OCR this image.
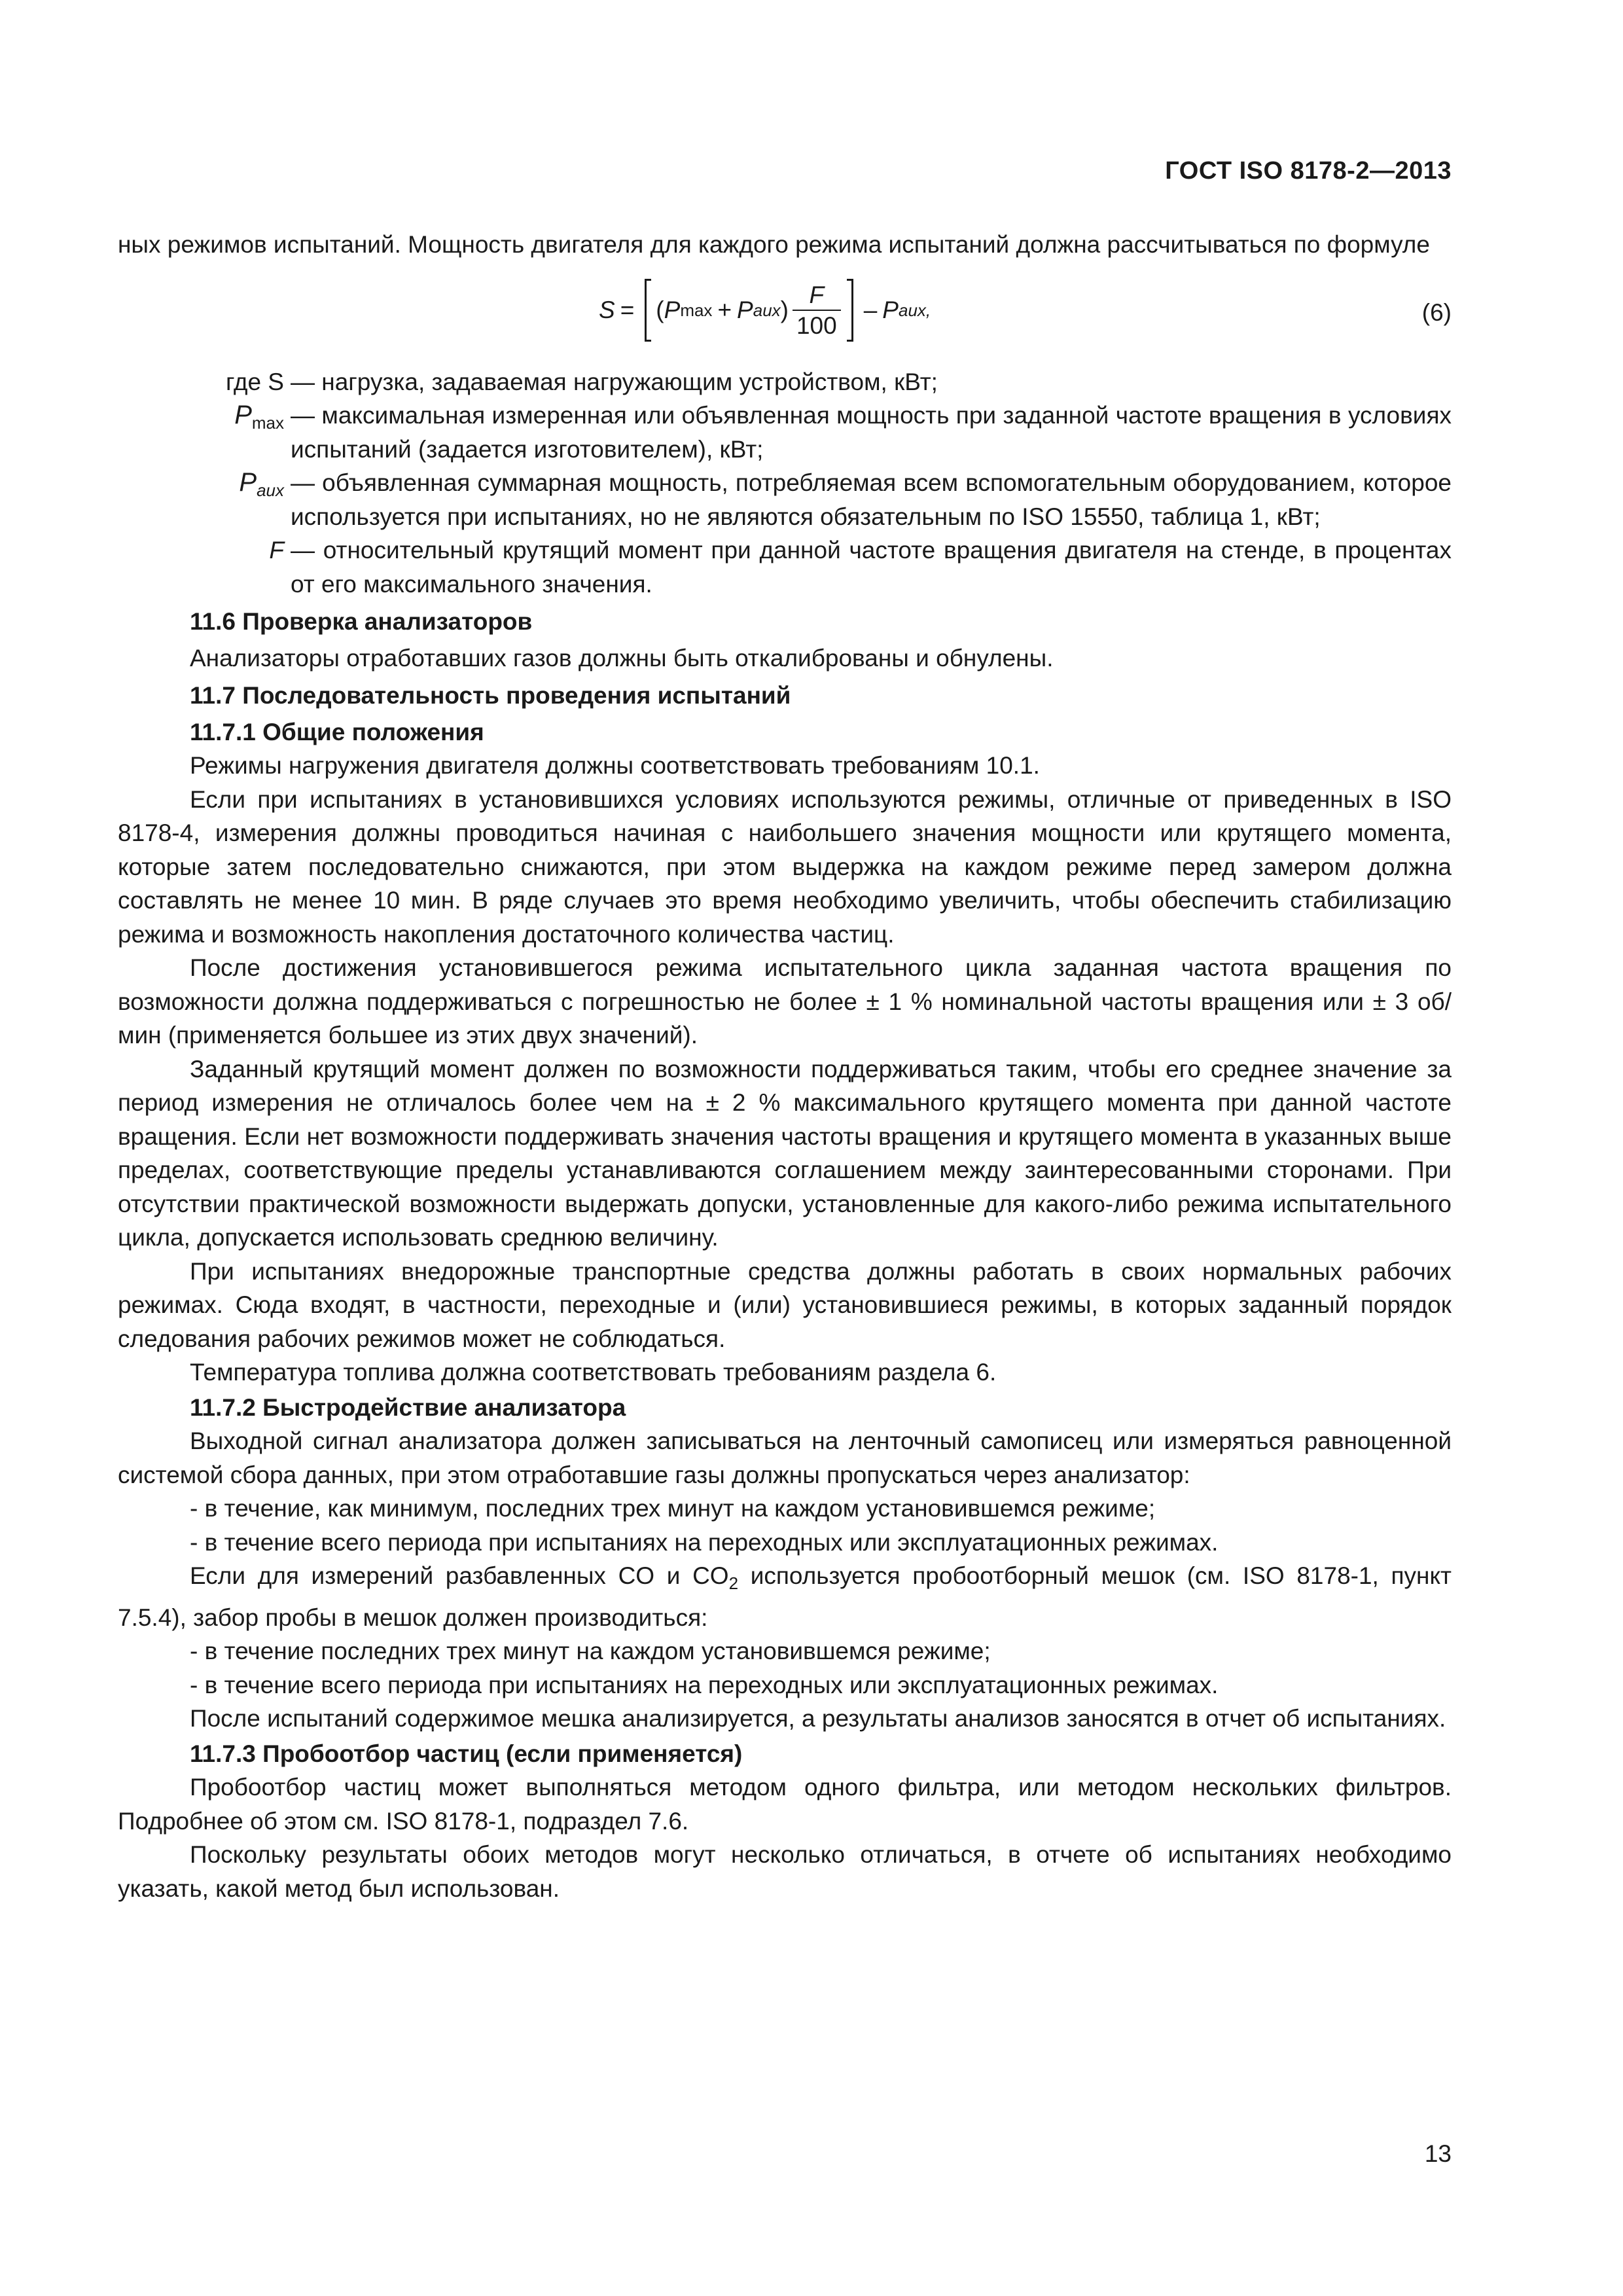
ГОСТ ISO 8178-2—2013

ных режимов испытаний. Мощность двигателя для каждого режима испытаний должна рассчитываться по формуле

S = ( P max + P aux ) $\frac{F}{100}$ – P aux,	(6)
где S — нагрузка, задаваемая нагружающим устройством, кВт;
$P_{max}$ — максимальная измеренная или объявленная мощность при заданной частоте вращения в условиях испытаний (задается изготовителем), кВт;
$P_{aux}$ — объявленная суммарная мощность, потребляемая всем вспомогательным оборудованием, которое используется при испытаниях, но не являются обязательным по ISO 15550, таблица 1, кВт;
F — относительный крутящий момент при данной частоте вращения двигателя на стенде, в процентах от его максимального значения.

11.6 Проверка анализаторов

Анализаторы отработавших газов должны быть откалиброваны и обнулены.

11.7 Последовательность проведения испытаний

11.7.1 Общие положения

Режимы нагружения двигателя должны соответствовать требованиям 10.1.

Если при испытаниях в установившихся условиях используются режимы, отличные от приведенных в ISO 8178-4, измерения должны проводиться начиная с наибольшего значения мощности или крутящего момента, которые затем последовательно снижаются, при этом выдержка на каждом режиме перед замером должна составлять не менее 10 мин. В ряде случаев это время необходимо увеличить, чтобы обеспечить стабилизацию режима и возможность накопления достаточного количества частиц.

После достижения установившегося режима испытательного цикла заданная частота вращения по возможности должна поддерживаться с погрешностью не более ± 1 % номинальной частоты вращения или ± 3 об/мин (применяется большее из этих двух значений).

Заданный крутящий момент должен по возможности поддерживаться таким, чтобы его среднее значение за период измерения не отличалось более чем на ± 2 % максимального крутящего момента при данной частоте вращения. Если нет возможности поддерживать значения частоты вращения и крутящего момента в указанных выше пределах, соответствующие пределы устанавливаются соглашением между заинтересованными сторонами. При отсутствии практической возможности выдержать допуски, установленные для какого-либо режима испытательного цикла, допускается использовать среднюю величину.

При испытаниях внедорожные транспортные средства должны работать в своих нормальных рабочих режимах. Сюда входят, в частности, переходные и (или) установившиеся режимы, в которых заданный порядок следования рабочих режимов может не соблюдаться.

Температура топлива должна соответствовать требованиям раздела 6.

11.7.2 Быстродействие анализатора

Выходной сигнал анализатора должен записываться на ленточный самописец или измеряться равноценной системой сбора данных, при этом отработавшие газы должны пропускаться через анализатор:

- в течение, как минимум, последних трех минут на каждом установившемся режиме;

- в течение всего периода при испытаниях на переходных или эксплуатационных режимах.

Если для измерений разбавленных CO и $CO_2$ используется пробоотборный мешок (см. ISO 8178-1, пункт 7.5.4), забор пробы в мешок должен производиться:

- в течение последних трех минут на каждом установившемся режиме;

- в течение всего периода при испытаниях на переходных или эксплуатационных режимах.

После испытаний содержимое мешка анализируется, а результаты анализов заносятся в отчет об испытаниях.

11.7.3 Пробоотбор частиц (если применяется)

Пробоотбор частиц может выполняться методом одного фильтра, или методом нескольких фильтров. Подробнее об этом см. ISO 8178-1, подраздел 7.6.

Поскольку результаты обоих методов могут несколько отличаться, в отчете об испытаниях необходимо указать, какой метод был использован.

13
